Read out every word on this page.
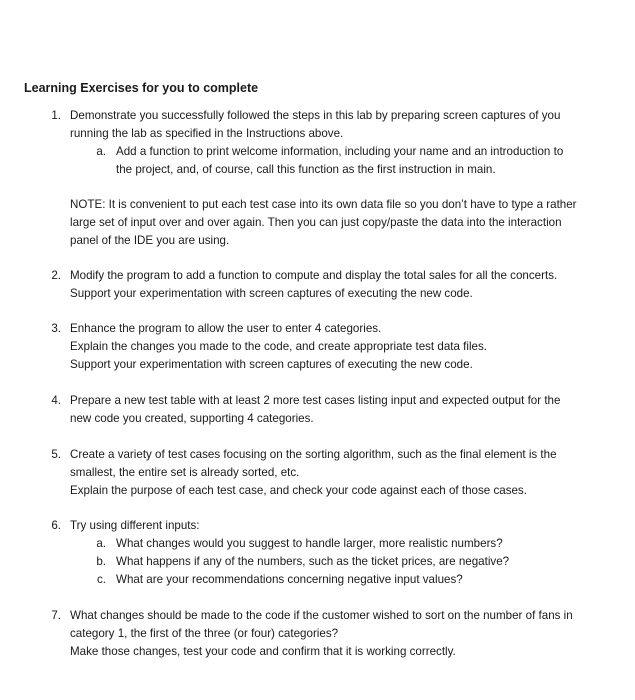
Learning Exercises for you to complete
1. Demonstrate you successfully followed the steps in this lab by preparing screen captures of you
running the lab as specified in the Instructions above.
a. Add a function to print welcome information, including your name and an introduction to
the project, and, of course, call this function as the first instruction in main.
NOTE: It is convenient to put each test case into its own data file so you don’t have to type a rather
large set of input over and over again. Then you can just copy/paste the data into the interaction
panel of the IDE you are using.
2. Modify the program to add a function to compute and display the total sales for all the concerts.
Support your experimentation with screen captures of executing the new code.
3. Enhance the program to allow the user to enter 4 categories.
Explain the changes you made to the code, and create appropriate test data files.
Support your experimentation with screen captures of executing the new code.
4. Prepare a new test table with at least 2 more test cases listing input and expected output for the
new code you created, supporting 4 categories.
5. Create a variety of test cases focusing on the sorting algorithm, such as the final element is the
smallest, the entire set is already sorted, etc.
Explain the purpose of each test case, and check your code against each of those cases.
6. Try using different inputs:
a. What changes would you suggest to handle larger, more realistic numbers?
b. What happens if any of the numbers, such as the ticket prices, are negative?
c. What are your recommendations concerning negative input values?
7. What changes should be made to the code if the customer wished to sort on the number of fans in
category 1, the first of the three (or four) categories?
Make those changes, test your code and confirm that it is working correctly.
